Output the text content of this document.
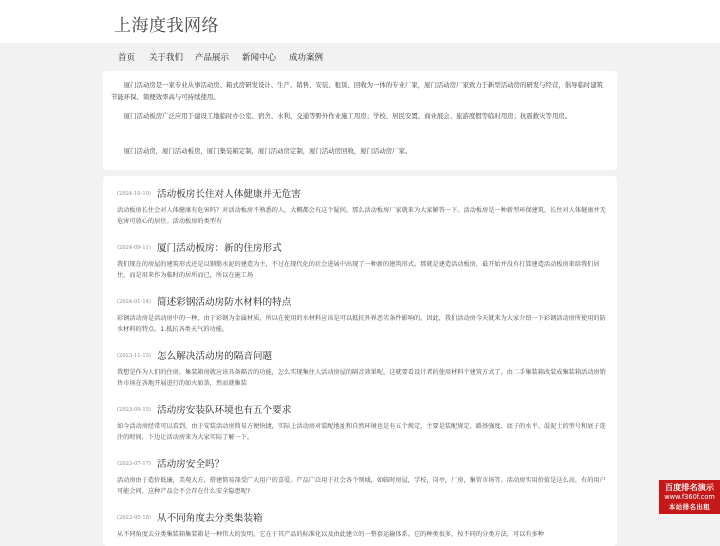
上海度我网络
首页 关于我们 产品展示 新闻中心 成功案例

　　厦门活动房是一家专业从事活动房、箱式房研发设计、生产、销售、安装、租赁、回收为一体的专业厂家，厦门活动房厂家致力于新型活动房的研发与经营，倡导临时建筑节能环保、简便效率高与可持续使用。

　　厦门活动板房广泛应用于建设工地临时办公室、宿舍、水利、交通等野外作业施工用房；学校、居民安置、商业展会、旅游度假等临时用房；抗震救灾等用房。

　　厦门活动房，厦门活动板房，厦门集装箱定制，厦门活动房定制，厦门活动房回收，厦门活动房厂家。

(2024-10-10) 活动板房长住对人体健康并无危害
活动板房长住会对人体健康有危害吗？对活动板房不熟悉的人，大概都会有这个疑问。那么活动板房厂家就来为大家解答一下。活动板房是一种新型环保建筑，长住对人体健康并无危害可放心的居住。活动板房的类型有
(2024-09-11) 厦门活动板房：新的住房形式
我们现在的房屋的建筑形式还是以钢筋水泥的建造为主，不过在现代化的社会进展中出现了一种新的建筑形式。那就是建造活动板房，最开始并没有打算建造活动板房来给我们居住。而是用来作为临时的居所而已，所以在施工场
(2024-01-14) 简述彩钢活动房防水材料的特点
彩钢活动房是活动房中的一种，由于彩钢为金属材质，所以在使用的水材料应该是可以抵抗外界恶劣条件影响的。因此，我们活动房今天就来为大家介绍一下彩钢活动房所使用的防水材料的特点。1.抵抗各类天气的功能。
(2023-11-15) 怎么解决活动房的隔音问题
我想是作为人们的住房，集装箱房就应该具备隔音的功能，怎么实现集住人活动房屋的隔音效果呢，这就要看设计者的使用材料个建筑方式了。由二手集装箱改装成集装箱活动房销售市场在各地开展进行的如火如荼，然而就集装
(2023-09-15) 活动房安装队环境也有五个要求
如今活动房经常可以看到，由于安装活动房简易方便快捷，实际上活动房对装配地址和自然环境也是有五个规定，主要是装配规定、路基强度、底子的水平、混泥土的型号和底子连注的时间，下边让活动房来为大家实际了解一下。
(2023-07-17) 活动房安全吗？
活动房由于造价低廉，美观大方，搭建简易深受广大用户的喜爱。产品广泛用于社会各个领域，如临时房屋，学校，岗亭，厂房，集贸市场等。活动房实用价值是这么高，有的用户可能会问，这种产品会不会存在什么安全隐患呢?
(2023-05-18) 从不同角度去分类集装箱
从不同角度去分类集装箱集装箱是一种伟大的发明，它在于其产品的标准化以及由此建立的一整套运输体系。它的种类很多，按不同的分类方法，可以有多种
百度排名演示
www.f360f.com
本站排名出租
